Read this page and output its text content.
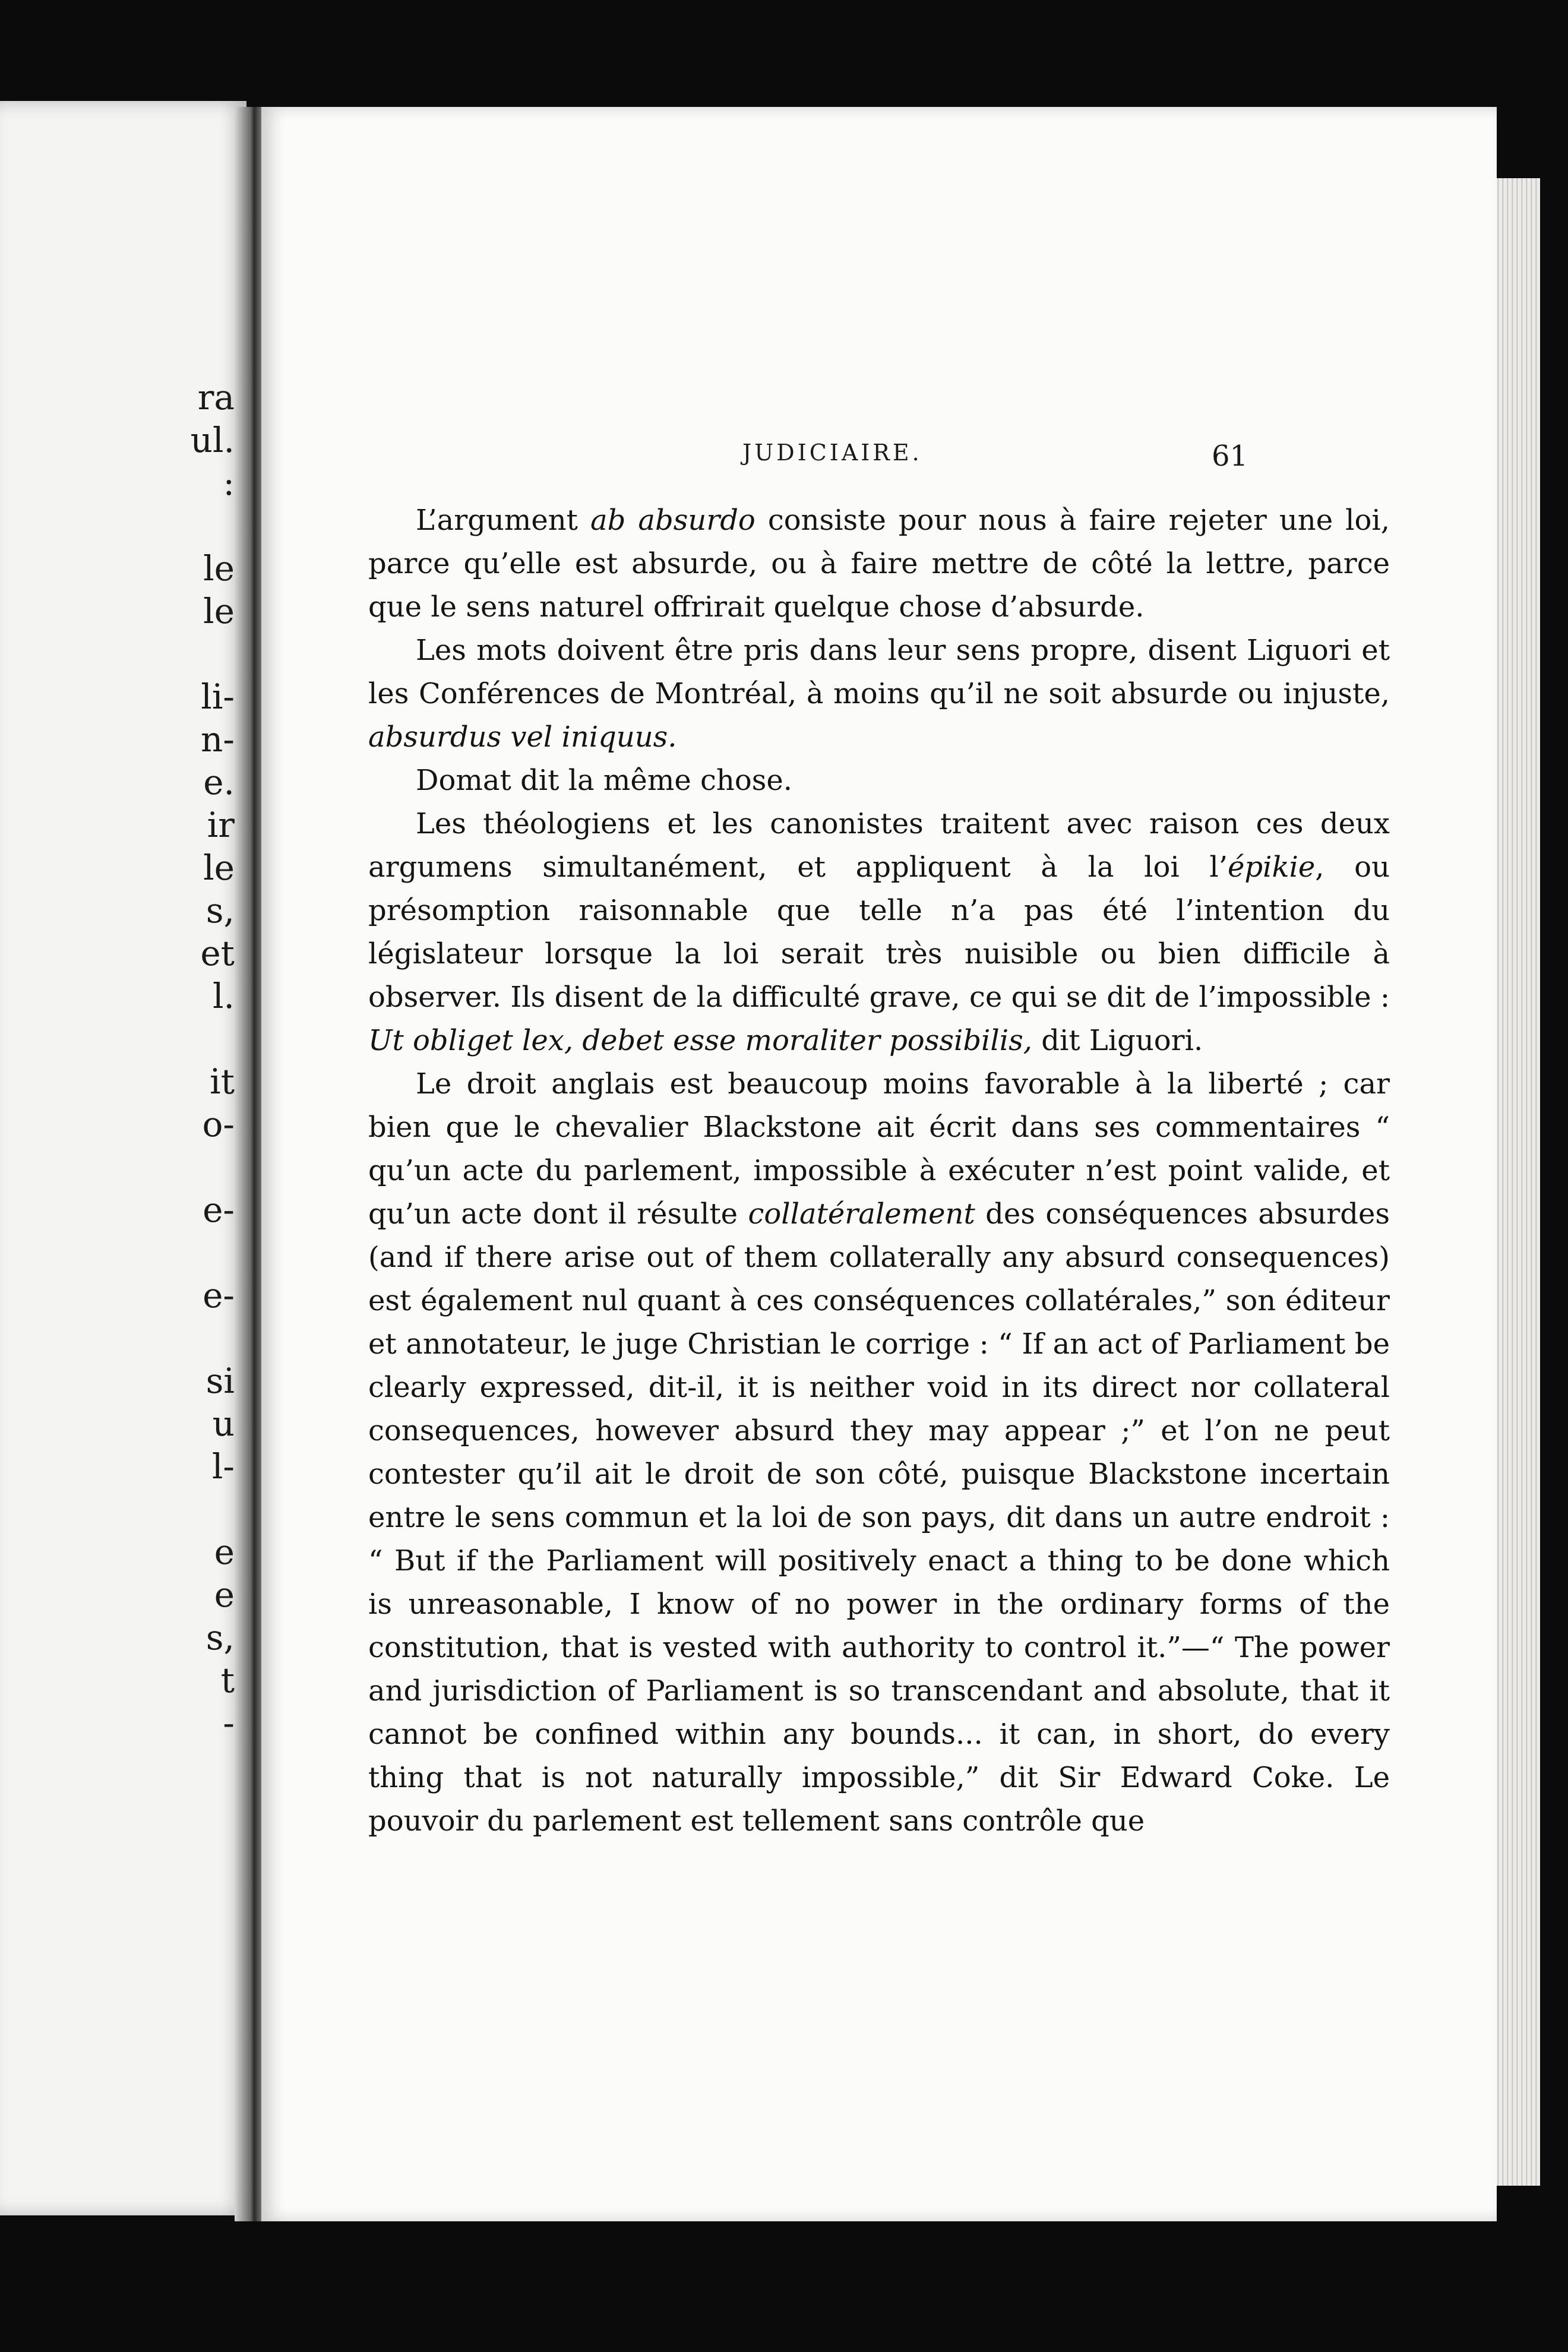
ra
ul.
:
le
le
li-
n-
e.
ir
le
s,
et
l.
it
o-
e-
e-
si
u
l-
e
e
s,
t
-
JUDICIAIRE.	61

L’argument ab absurdo consiste pour nous à faire rejeter une loi, parce qu’elle est absurde, ou à faire mettre de côté la lettre, parce que le sens naturel offrirait quelque chose d’absurde.

Les mots doivent être pris dans leur sens propre, disent Liguori et les Conférences de Montréal, à moins qu’il ne soit absurde ou injuste, absurdus vel iniquus.

Domat dit la même chose.

Les théologiens et les canonistes traitent avec raison ces deux argumens simultanément, et appliquent à la loi l’épikie, ou présomption raisonnable que telle n’a pas été l’intention du législateur lorsque la loi serait très nuisible ou bien difficile à observer. Ils disent de la difficulté grave, ce qui se dit de l’impossible : Ut obliget lex, debet esse moraliter possibilis, dit Liguori.

Le droit anglais est beaucoup moins favorable à la liberté ; car bien que le chevalier Blackstone ait écrit dans ses commentaires “ qu’un acte du parlement, impossible à exécuter n’est point valide, et qu’un acte dont il résulte collatéralement des conséquences absurdes (and if there arise out of them collaterally any absurd consequences) est également nul quant à ces conséquences collatérales,” son éditeur et annotateur, le juge Christian le corrige : “ If an act of Parliament be clearly expressed, dit-il, it is neither void in its direct nor collateral consequences, however absurd they may appear ;” et l’on ne peut contester qu’il ait le droit de son côté, puisque Blackstone incertain entre le sens commun et la loi de son pays, dit dans un autre endroit : “ But if the Parliament will positively enact a thing to be done which is unreasonable, I know of no power in the ordinary forms of the constitution, that is vested with authority to control it.”—“ The power and jurisdiction of Parliament is so transcendant and absolute, that it cannot be confined within any bounds... it can, in short, do every thing that is not naturally impossible,” dit Sir Edward Coke. Le pouvoir du parlement est tellement sans contrôle que
